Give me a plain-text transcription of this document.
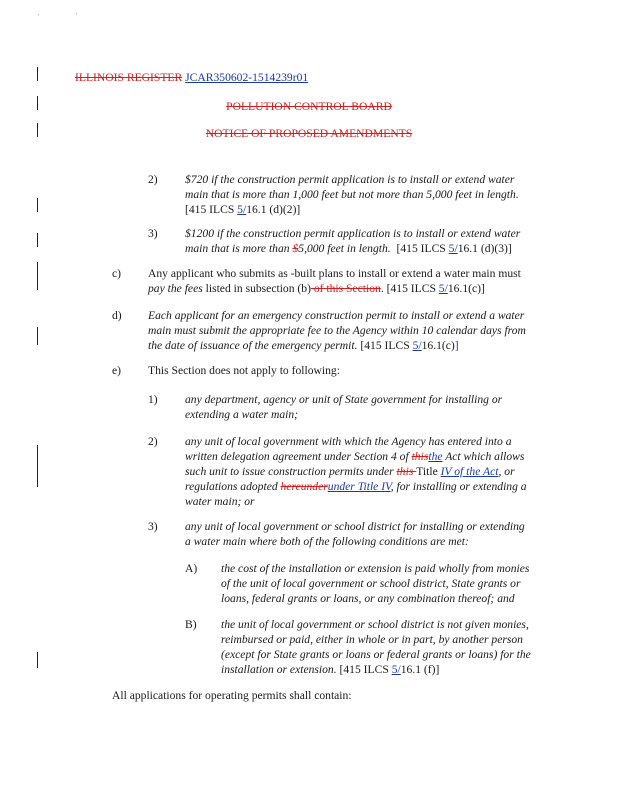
'	'
ILLINOIS REGISTER JCAR350602-1514239r01
POLLUTION CONTROL BOARD
NOTICE OF PROPOSED AMENDMENTS
2) $720 if the construction permit application is to install or extend water
main that is more than 1,000 feet but not more than 5,000 feet in length.
[415 ILCS 5/16.1 (d)(2)]
3) $1200 if the construction permit application is to install or extend water
main that is more than $5,000 feet in length. [415 ILCS 5/16.1 (d)(3)]
c) Any applicant who submits as -built plans to install or extend a water main must
pay the fees listed in subsection (b) of this Section. [415 ILCS 5/16.1(c)]
d) Each applicant for an emergency construction permit to install or extend a water
main must submit the appropriate fee to the Agency within 10 calendar days from
the date of issuance of the emergency permit. [415 ILCS 5/16.1(c)]
e) This Section does not apply to following:
1) any department, agency or unit of State government for installing or
extending a water main;
2) any unit of local government with which the Agency has entered into a
written delegation agreement under Section 4 of thisthe Act which allows
such unit to issue construction permits under this Title IV of the Act, or
regulations adopted hereunderunder Title IV, for installing or extending a
water main; or
3) any unit of local government or school district for installing or extending
a water main where both of the following conditions are met:
A) the cost of the installation or extension is paid wholly from monies
of the unit of local government or school district, State grants or
loans, federal grants or loans, or any combination thereof; and
B) the unit of local government or school district is not given monies,
reimbursed or paid, either in whole or in part, by another person
(except for State grants or loans or federal grants or loans) for the
installation or extension. [415 ILCS 5/16.1 (f)]
All applications for operating permits shall contain:
